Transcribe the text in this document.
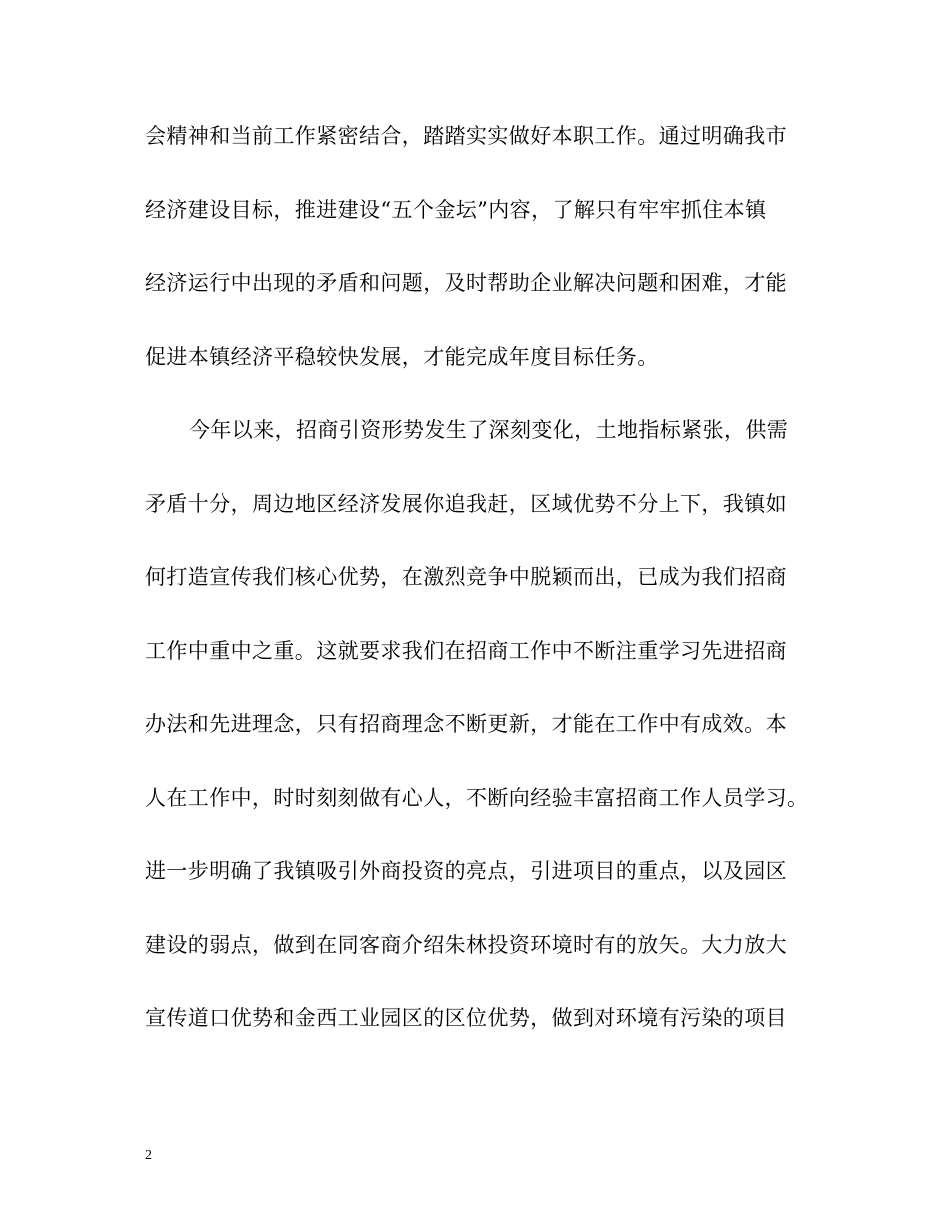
会精神和当前工作紧密结合，踏踏实实做好本职工作。通过明确我市
经济建设目标，推进建设“五个金坛”内容，了解只有牢牢抓住本镇
经济运行中出现的矛盾和问题，及时帮助企业解决问题和困难，才能
促进本镇经济平稳较快发展，才能完成年度目标任务。
今年以来，招商引资形势发生了深刻变化，土地指标紧张，供需
矛盾十分，周边地区经济发展你追我赶，区域优势不分上下，我镇如
何打造宣传我们核心优势，在激烈竞争中脱颖而出，已成为我们招商
工作中重中之重。这就要求我们在招商工作中不断注重学习先进招商
办法和先进理念，只有招商理念不断更新，才能在工作中有成效。本
人在工作中，时时刻刻做有心人，不断向经验丰富招商工作人员学习。
进一步明确了我镇吸引外商投资的亮点，引进项目的重点，以及园区
建设的弱点，做到在同客商介绍朱林投资环境时有的放矢。大力放大
宣传道口优势和金西工业园区的区位优势，做到对环境有污染的项目
2
